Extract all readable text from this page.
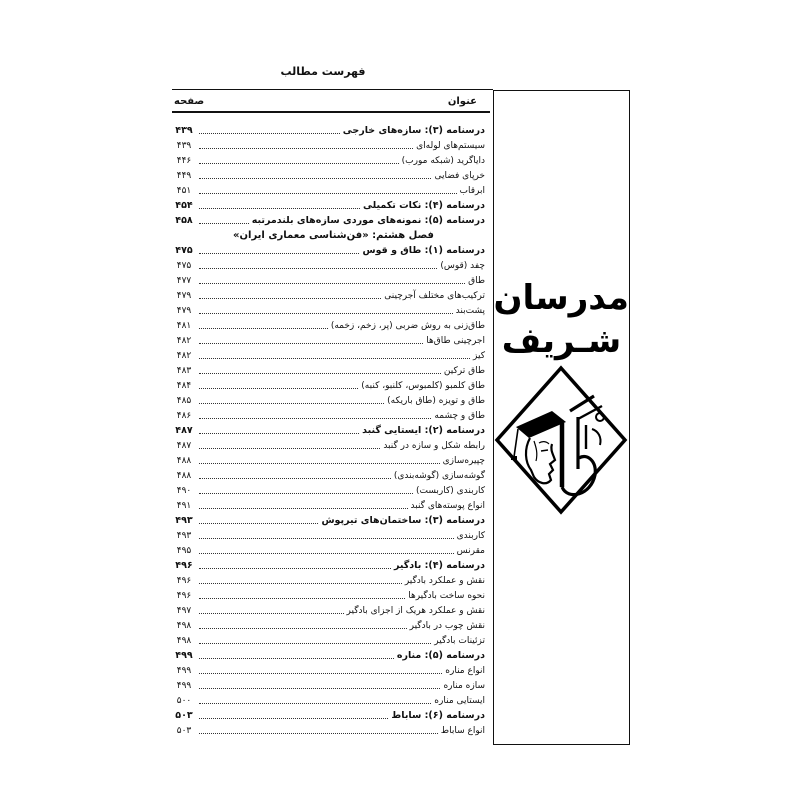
فهرست مطالب
عنوان
صفحه
درسنامه (۳): سازه‌های خارجی
۴۳۹
سیستم‌های لوله‌ای
۴۳۹
دایاگرید (شبکه مورب)
۴۴۶
خرپای فضایی
۴۴۹
ابرقاب
۴۵۱
درسنامه (۴): نکات تکمیلی
۴۵۴
درسنامه (۵): نمونه‌های موردی سازه‌های بلندمرتبه
۴۵۸
فصل هشتم: «فن‌شناسی معماری ایران»
درسنامه (۱): طاق و قوس
۴۷۵
چفد (قوس)
۴۷۵
طاق
۴۷۷
ترکیب‌های مختلف آجرچینی
۴۷۹
پشت‌بند
۴۷۹
طاق‌زنی به روش ضربی (پر، زخم، زخمه)
۴۸۱
اجرچینی طاق‌ها
۴۸۲
کیز
۴۸۲
طاق ترکین
۴۸۳
طاق کلمبو (کلمبوس، کلنبو، کنبه)
۴۸۴
طاق و تویزه (طاق باریکه)
۴۸۵
طاق و چشمه
۴۸۶
درسنامه (۲): ایستایی گنبد
۴۸۷
رابطه شکل و سازه در گنبد
۴۸۷
چپیره‌سازی
۴۸۸
گوشه‌سازی (گوشه‌بندی)
۴۸۸
کاربندی (کاربست)
۴۹۰
انواع پوسته‌های گنبد
۴۹۱
درسنامه (۳): ساختمان‌های تیرپوش
۴۹۳
کاربندی
۴۹۳
مقرنس
۴۹۵
درسنامه (۴): بادگیر
۴۹۶
نقش و عملکرد بادگیر
۴۹۶
نحوه ساخت بادگیرها
۴۹۶
نقش و عملکرد هریک از اجزای بادگیر
۴۹۷
نقش چوب در بادگیر
۴۹۸
تزئینات بادگیر
۴۹۸
درسنامه (۵): مناره
۴۹۹
انواع مناره
۴۹۹
سازه مناره
۴۹۹
ایستایی مناره
۵۰۰
درسنامه (۶): ساباط
۵۰۳
انواع ساباط
۵۰۳
مدرسان
شـریف
